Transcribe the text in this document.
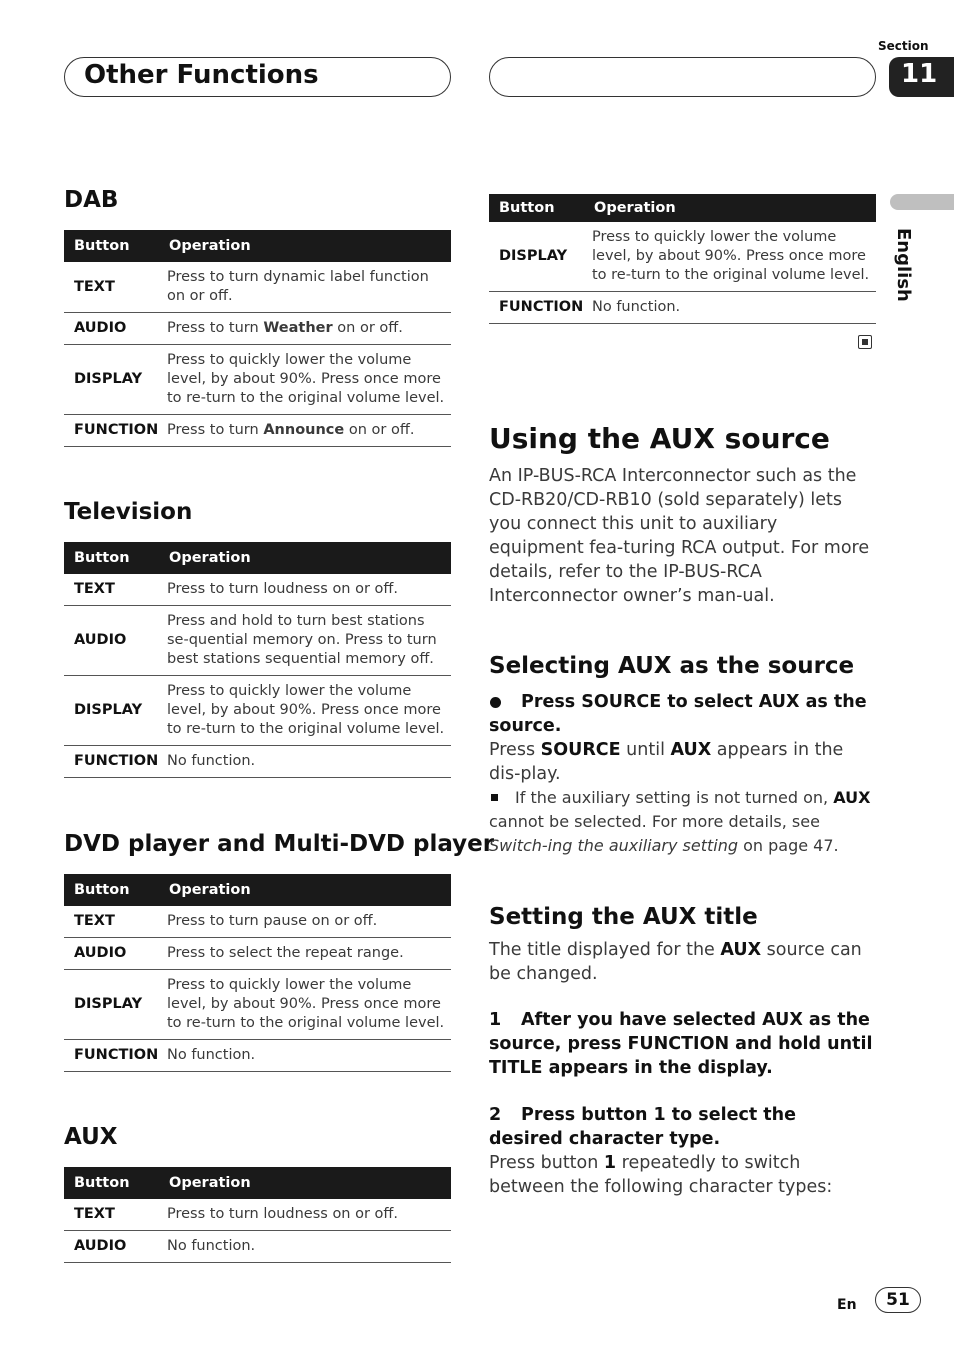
Other Functions
Section
11
English
DAB
Button	Operation
TEXT	Press to turn dynamic label function on or off.
AUDIO	Press to turn Weather on or off.
DISPLAY	Press to quickly lower the volume level, by about 90%. Press once more to re-turn to the original volume level.
FUNCTION	Press to turn Announce on or off.
Television
Button	Operation
TEXT	Press to turn loudness on or off.
AUDIO	Press and hold to turn best stations se-quential memory on. Press to turn best stations sequential memory off.
DISPLAY	Press to quickly lower the volume level, by about 90%. Press once more to re-turn to the original volume level.
FUNCTION	No function.
DVD player and Multi-DVD player
Button	Operation
TEXT	Press to turn pause on or off.
AUDIO	Press to select the repeat range.
DISPLAY	Press to quickly lower the volume level, by about 90%. Press once more to re-turn to the original volume level.
FUNCTION	No function.
AUX
Button	Operation
TEXT	Press to turn loudness on or off.
AUDIO	No function.
Button	Operation
DISPLAY	Press to quickly lower the volume level, by about 90%. Press once more to re-turn to the original volume level.
FUNCTION	No function.
Using the AUX source

An IP-BUS-RCA Interconnector such as the CD-RB20/CD-RB10 (sold separately) lets you connect this unit to auxiliary equipment fea-turing RCA output. For more details, refer to the IP-BUS-RCA Interconnector owner’s man-ual.

Selecting AUX as the source

Press SOURCE to select AUX as the source.

Press SOURCE until AUX appears in the dis-play.

If the auxiliary setting is not turned on, AUX cannot be selected. For more details, see Switch-ing the auxiliary setting on page 47.

Setting the AUX title

The title displayed for the AUX source can be changed.

1 After you have selected AUX as the source, press FUNCTION and hold until TITLE appears in the display.

2 Press button 1 to select the desired character type.

Press button 1 repeatedly to switch between the following character types:

En	51
